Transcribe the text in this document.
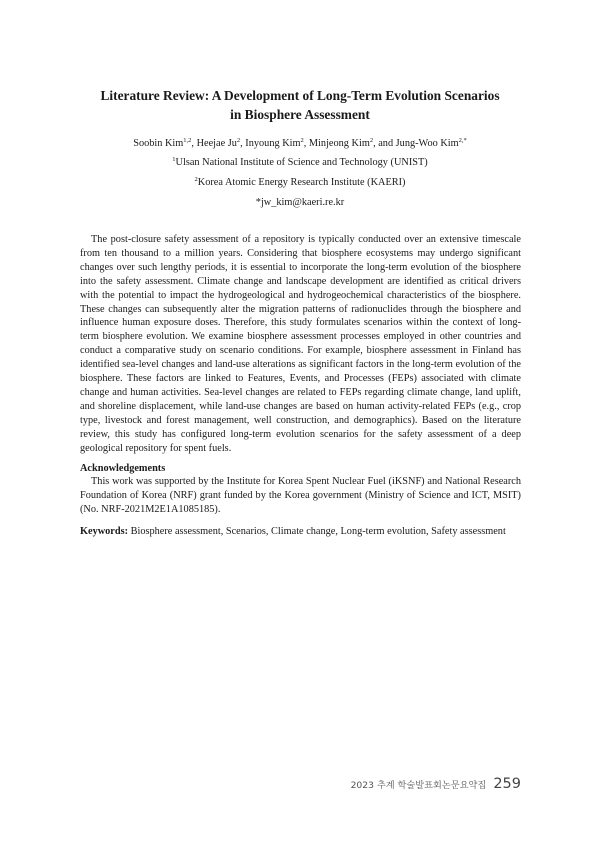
Literature Review: A Development of Long-Term Evolution Scenarios
in Biosphere Assessment
Soobin Kim$^{1,2}$, Heejae Ju$^2$, Inyoung Kim$^2$, Minjeong Kim$^2$, and Jung-Woo Kim$^{2,*}$
$^1$Ulsan National Institute of Science and Technology (UNIST)
$^2$Korea Atomic Energy Research Institute (KAERI)
*jw_kim@kaeri.re.kr

The post-closure safety assessment of a repository is typically conducted over an extensive timescale from ten thousand to a million years. Considering that biosphere ecosystems may undergo significant changes over such lengthy periods, it is essential to incorporate the long-term evolution of the biosphere into the safety assessment. Climate change and landscape development are identified as critical drivers with the potential to impact the hydrogeological and hydrogeochemical characteristics of the biosphere. These changes can subsequently alter the migration patterns of radionuclides through the biosphere and influence human exposure doses. Therefore, this study formulates scenarios within the context of long-term biosphere evolution. We examine biosphere assessment processes employed in other countries and conduct a comparative study on scenario conditions. For example, biosphere assessment in Finland has identified sea-level changes and land-use alterations as significant factors in the long-term evolution of the biosphere. These factors are linked to Features, Events, and Processes (FEPs) associated with climate change and human activities. Sea-level changes are related to FEPs regarding climate change, land uplift, and shoreline displacement, while land-use changes are based on human activity-related FEPs (e.g., crop type, livestock and forest management, well construction, and demographics). Based on the literature review, this study has configured long-term evolution scenarios for the safety assessment of a deep geological repository for spent fuels.

Acknowledgements

This work was supported by the Institute for Korea Spent Nuclear Fuel (iKSNF) and National Research Foundation of Korea (NRF) grant funded by the Korea government (Ministry of Science and ICT, MSIT) (No. NRF-2021M2E1A1085185).

Keywords: Biosphere assessment, Scenarios, Climate change, Long-term evolution, Safety assessment

2023 추계 학술발표회논문요약집 259
